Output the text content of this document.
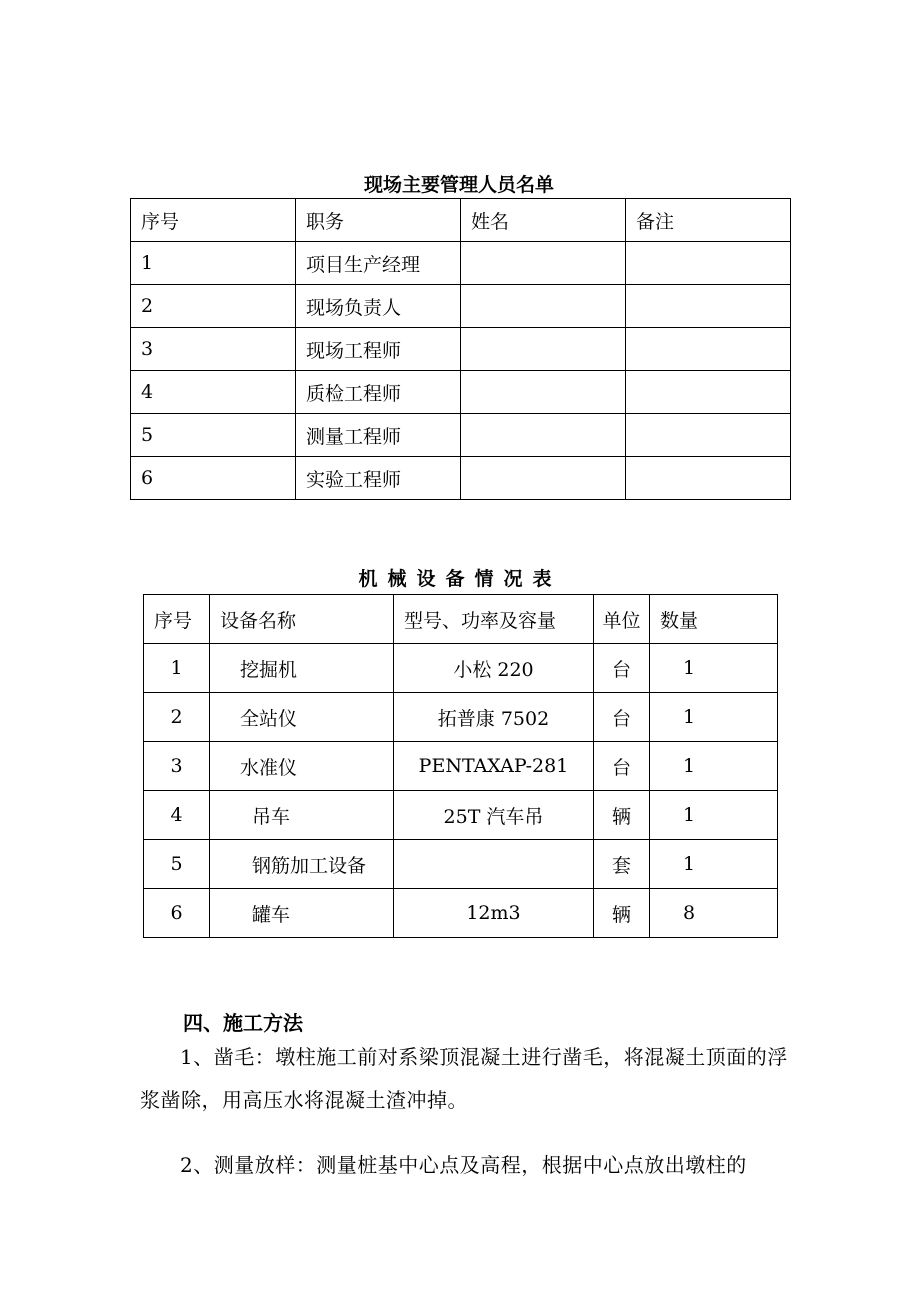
现场主要管理人员名单
序号	职务	姓名	备注
1	项目生产经理		
2	现场负责人		
3	现场工程师		
4	质检工程师		
5	测量工程师		
6	实验工程师		
机械设备情况表
序号	设备名称	型号、功率及容量	单位	数量
1	挖掘机	小松 220	台	1
2	全站仪	拓普康 7502	台	1
3	水准仪	PENTAXAP-281	台	1
4	吊车	25T 汽车吊	辆	1
5	钢筋加工设备		套	1
6	罐车	12m3	辆	8
四、施工方法
1、凿毛：墩柱施工前对系梁顶混凝土进行凿毛，将混凝土顶面的浮浆凿除，用高压水将混凝土渣冲掉。
2、测量放样：测量桩基中心点及高程，根据中心点放出墩柱的
